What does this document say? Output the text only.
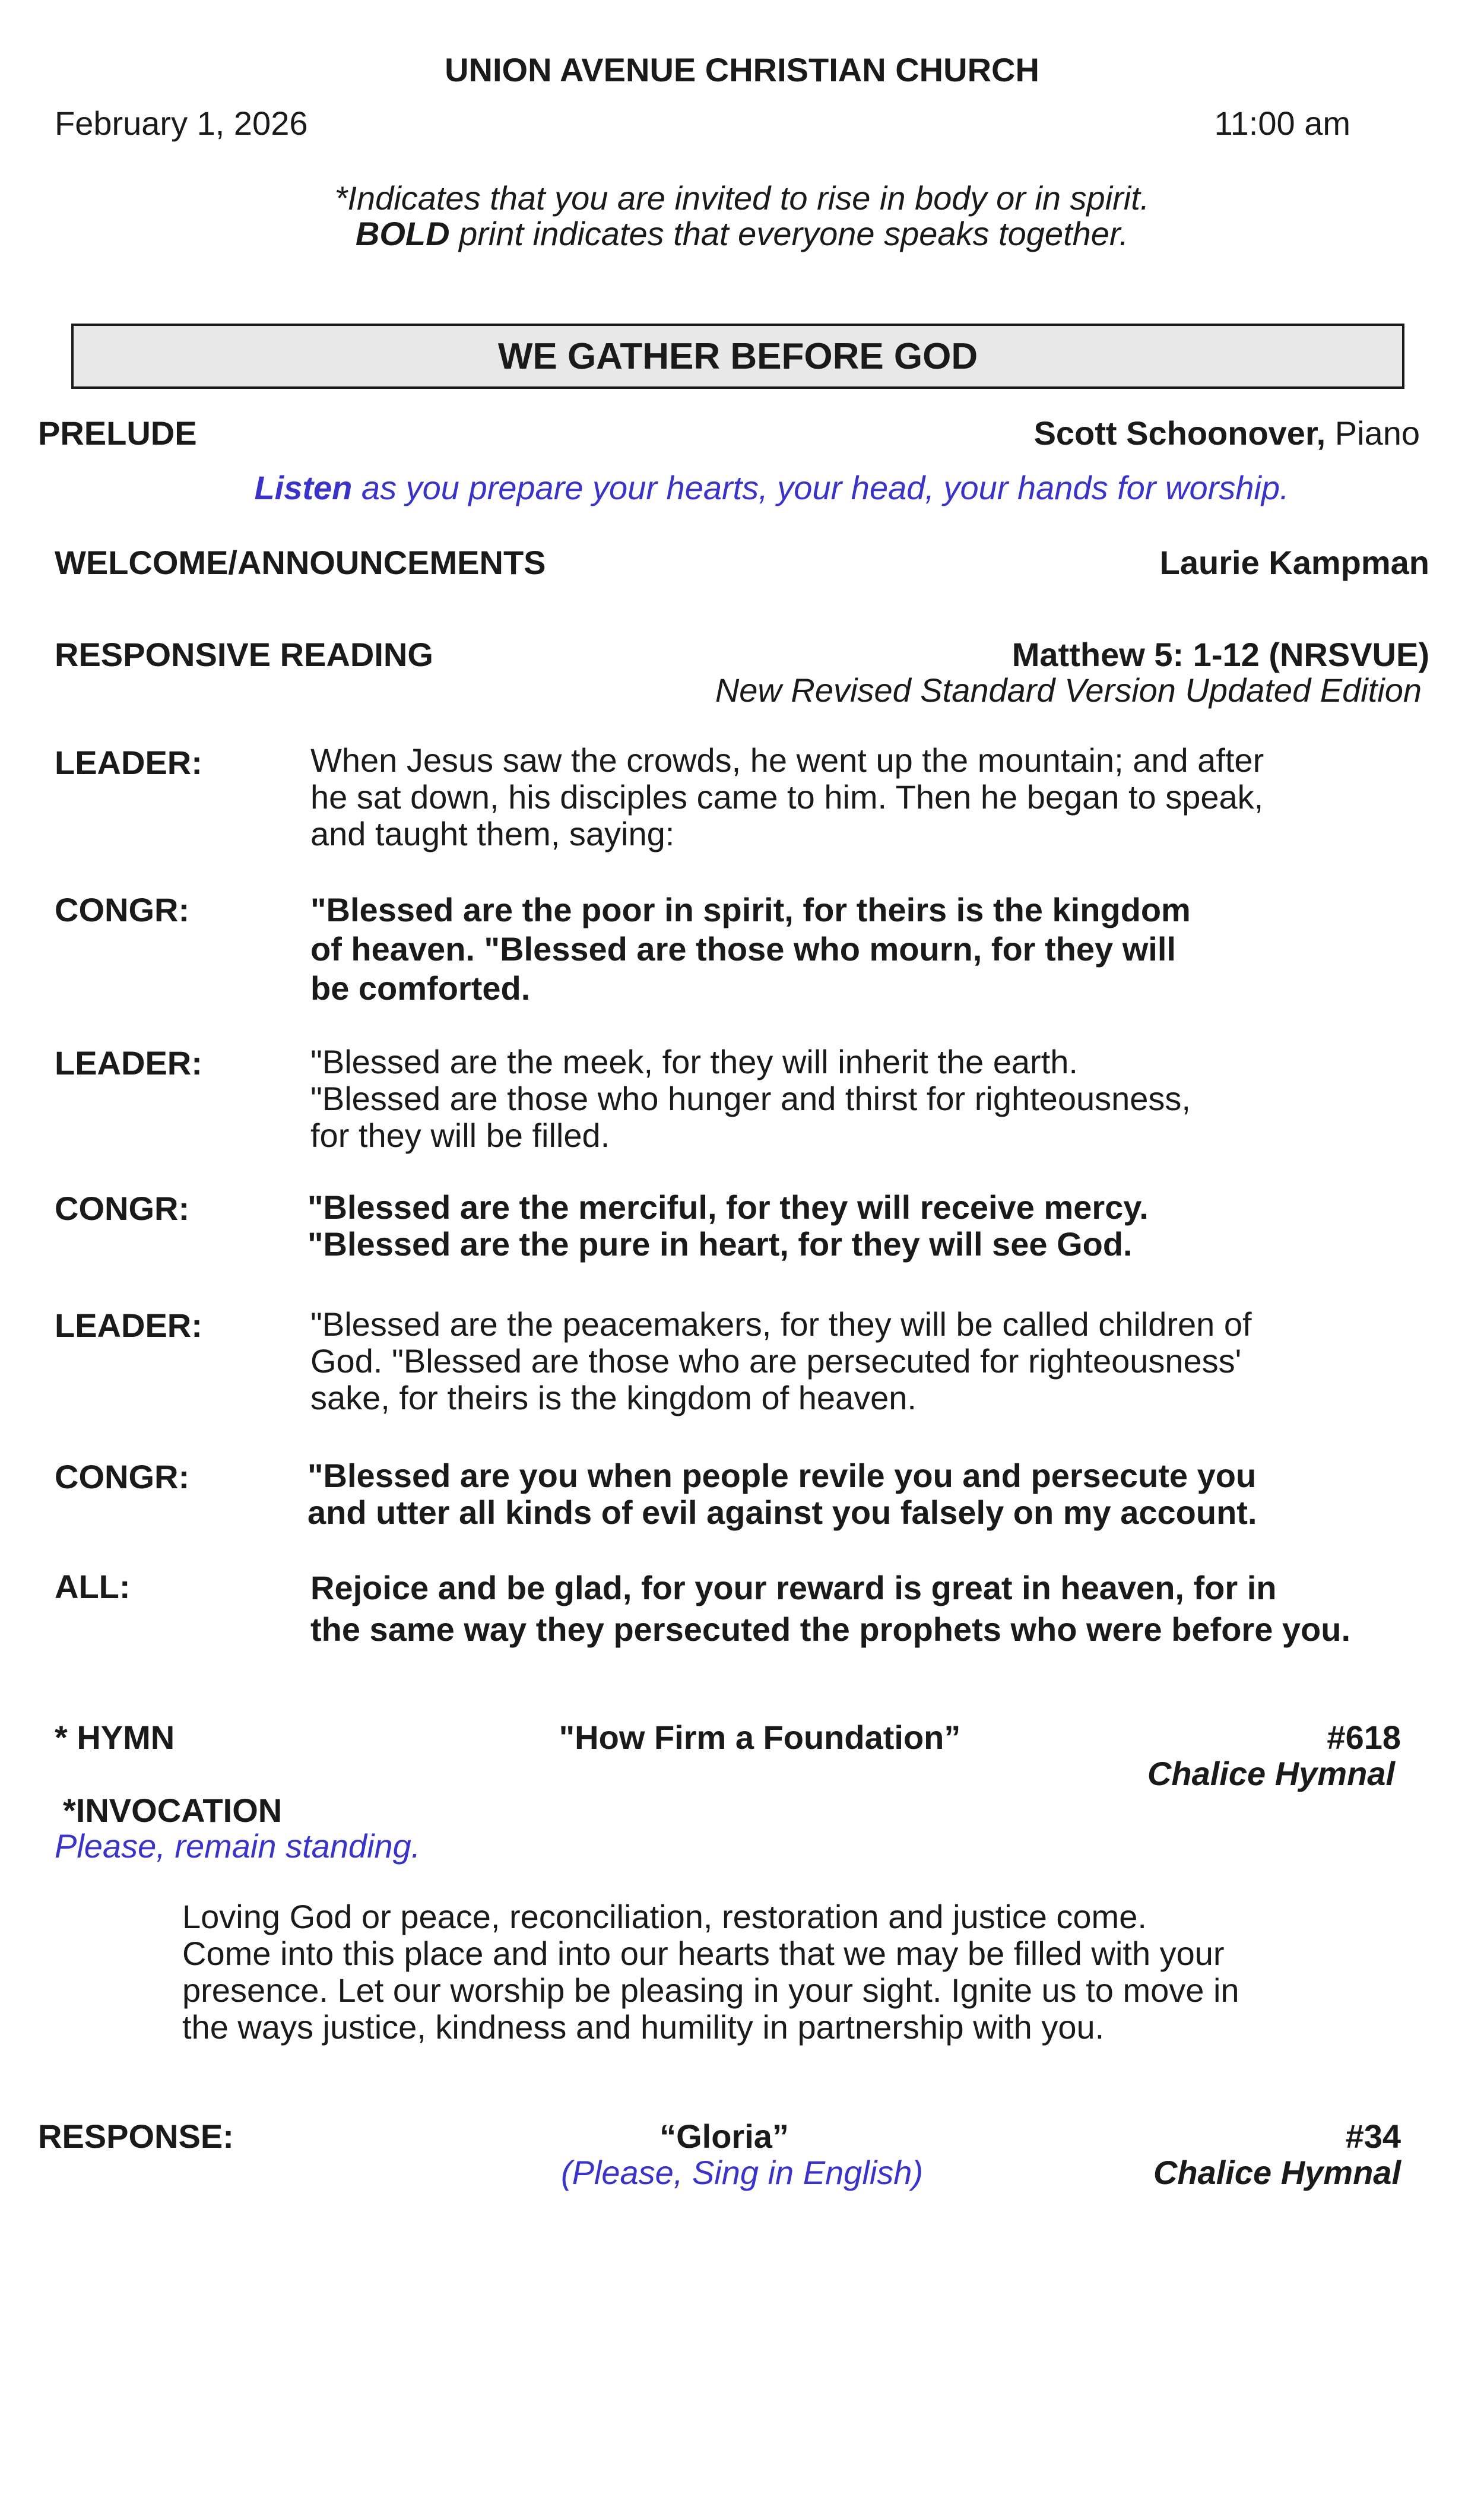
UNION AVENUE CHRISTIAN CHURCH
February 1, 2026	11:00 am
*Indicates that you are invited to rise in body or in spirit.
BOLD print indicates that everyone speaks together.
WE GATHER BEFORE GOD
PRELUDE	Scott Schoonover, Piano
Listen as you prepare your hearts, your head, your hands for worship.
WELCOME/ANNOUNCEMENTS	Laurie Kampman
RESPONSIVE READING	Matthew 5: 1-12 (NRSVUE)
New Revised Standard Version Updated Edition
LEADER:	When Jesus saw the crowds, he went up the mountain; and after
he sat down, his disciples came to him. Then he began to speak,
and taught them, saying:
CONGR:	"Blessed are the poor in spirit, for theirs is the kingdom
of heaven. "Blessed are those who mourn, for they will
be comforted.
LEADER:	"Blessed are the meek, for they will inherit the earth.
"Blessed are those who hunger and thirst for righteousness,
for they will be filled.
CONGR:	"Blessed are the merciful, for they will receive mercy.
"Blessed are the pure in heart, for they will see God.
LEADER:	"Blessed are the peacemakers, for they will be called children of
God. "Blessed are those who are persecuted for righteousness'
sake, for theirs is the kingdom of heaven.
CONGR:	"Blessed are you when people revile you and persecute you
and utter all kinds of evil against you falsely on my account.
ALL:	Rejoice and be glad, for your reward is great in heaven, for in
the same way they persecuted the prophets who were before you.
* HYMN	"How Firm a Foundation”	#618
Chalice Hymnal
*INVOCATION
Please, remain standing.
Loving God or peace, reconciliation, restoration and justice come.
Come into this place and into our hearts that we may be filled with your
presence. Let our worship be pleasing in your sight. Ignite us to move in
the ways justice, kindness and humility in partnership with you.
RESPONSE:	“Gloria”	#34
(Please, Sing in English)	Chalice Hymnal
